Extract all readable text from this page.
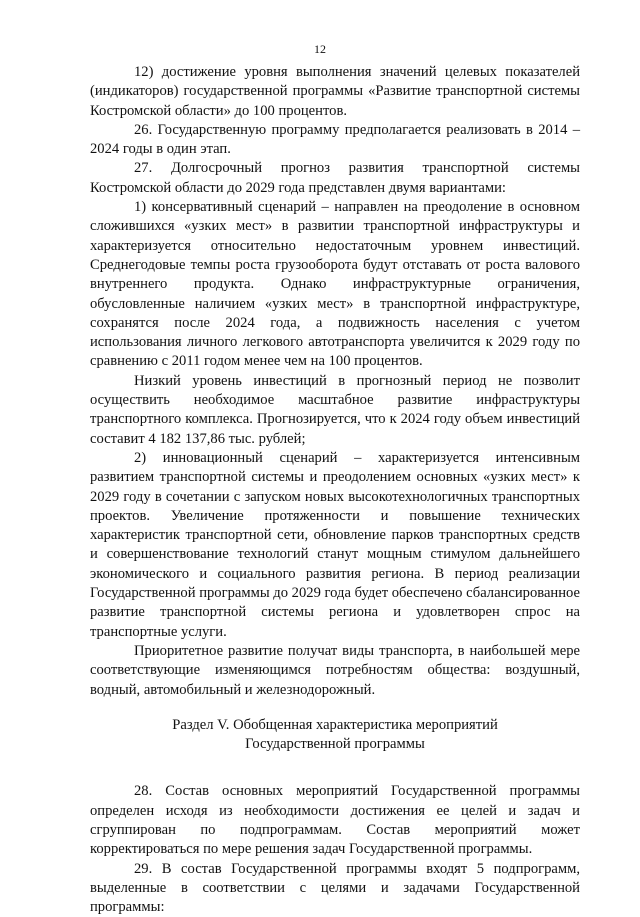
12

12) достижение уровня выполнения значений целевых показателей (индикаторов) государственной программы «Развитие транспортной системы Костромской области» до 100 процентов.

26. Государственную программу предполагается реализовать в 2014 – 2024 годы в один этап.

27. Долгосрочный прогноз развития транспортной системы Костромской области до 2029 года представлен двумя вариантами:

1) консервативный сценарий – направлен на преодоление в основном сложившихся «узких мест» в развитии транспортной инфраструктуры и характеризуется относительно недостаточным уровнем инвестиций. Среднегодовые темпы роста грузооборота будут отставать от роста валового внутреннего продукта. Однако инфраструктурные ограничения, обусловленные наличием «узких мест» в транспортной инфраструктуре, сохранятся после 2024 года, а подвижность населения с учетом использования личного легкового автотранспорта увеличится к 2029 году по сравнению с 2011 годом менее чем на 100 процентов.

Низкий уровень инвестиций в прогнозный период не позволит осуществить необходимое масштабное развитие инфраструктуры транспортного комплекса. Прогнозируется, что к 2024 году объем инвестиций составит 4 182 137,86 тыс. рублей;

2) инновационный сценарий – характеризуется интенсивным развитием транспортной системы и преодолением основных «узких мест» к 2029 году в сочетании с запуском новых высокотехнологичных транспортных проектов. Увеличение протяженности и повышение технических характеристик транспортной сети, обновление парков транспортных средств и совершенствование технологий станут мощным стимулом дальнейшего экономического и социального развития региона. В период реализации Государственной программы до 2029 года будет обеспечено сбалансированное развитие транспортной системы региона и удовлетворен спрос на транспортные услуги.

Приоритетное развитие получат виды транспорта, в наибольшей мере соответствующие изменяющимся потребностям общества: воздушный, водный, автомобильный и железнодорожный.

Раздел V. Обобщенная характеристика мероприятий
Государственной программы

28. Состав основных мероприятий Государственной программы определен исходя из необходимости достижения ее целей и задач и сгруппирован по подпрограммам. Состав мероприятий может корректироваться по мере решения задач Государственной программы.

29. В состав Государственной программы входят 5 подпрограмм, выделенные в соответствии с целями и задачами Государственной программы:
